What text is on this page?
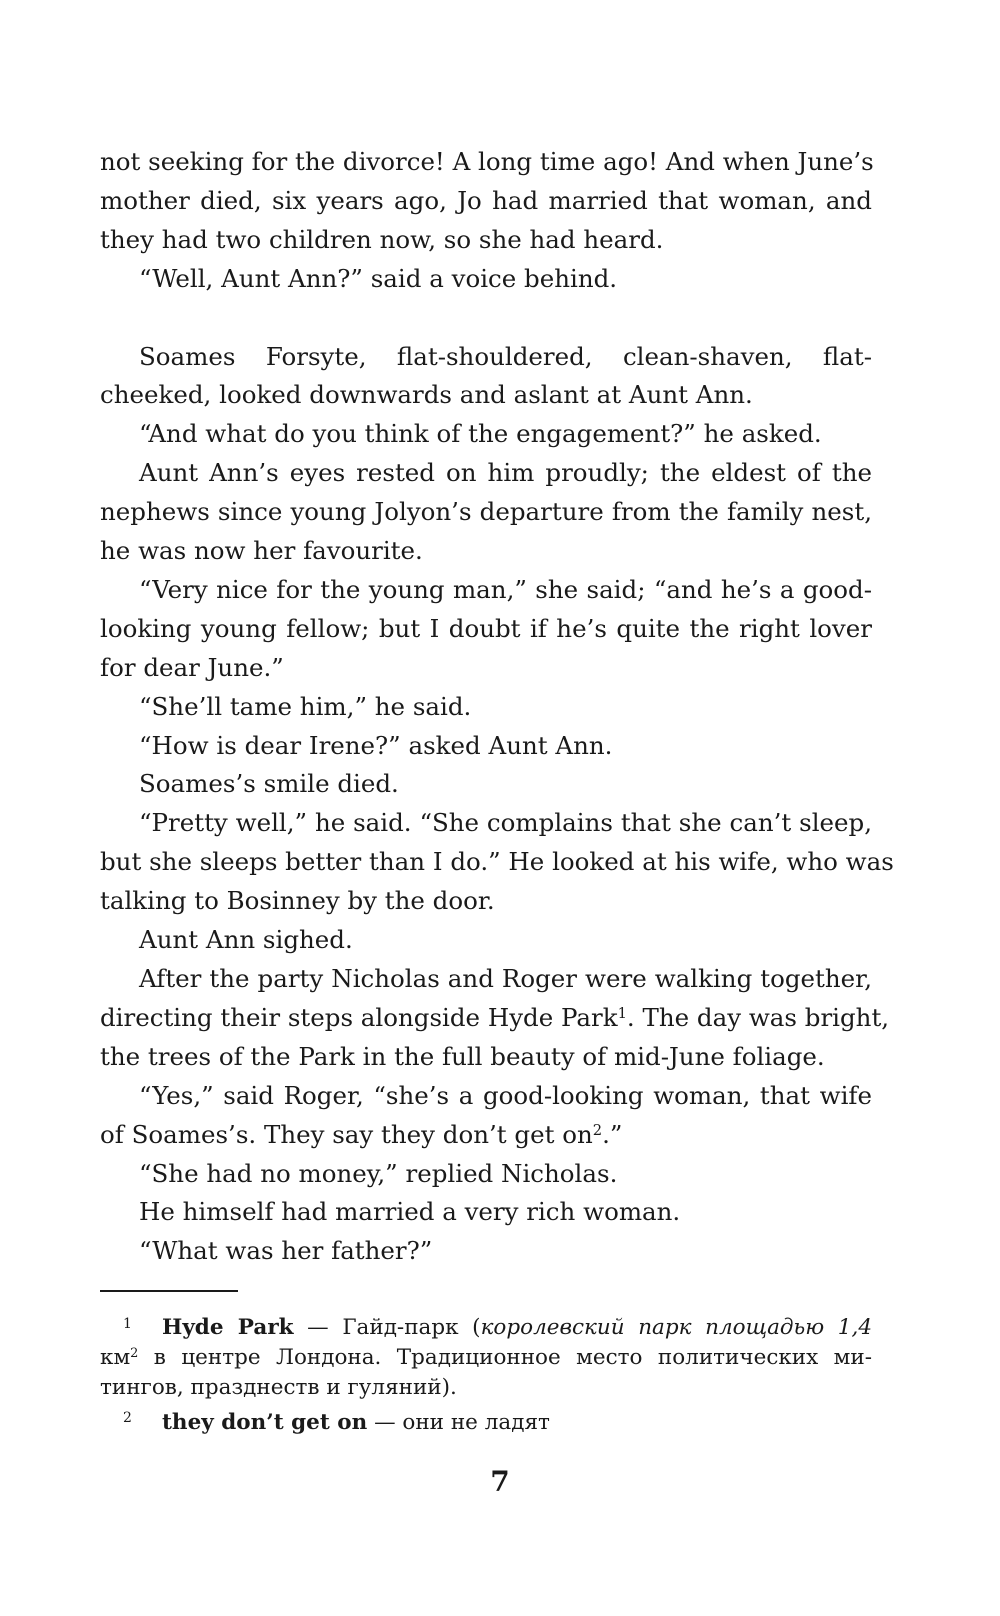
not seeking for the divorce! A long time ago! And when June’s

mother died, six years ago, Jo had married that woman, and

they had two children now, so she had heard.

“Well, Aunt Ann?” said a voice behind.

Soames Forsyte, flat-shouldered, clean-shaven, flat-

cheeked, looked downwards and aslant at Aunt Ann.

“And what do you think of the engagement?” he asked.

Aunt Ann’s eyes rested on him proudly; the eldest of the

nephews since young Jolyon’s departure from the family nest,

he was now her favourite.

“Very nice for the young man,” she said; “and he’s a good-

looking young fellow; but I doubt if he’s quite the right lover

for dear June.”

“She’ll tame him,” he said.

“How is dear Irene?” asked Aunt Ann.

Soames’s smile died.

“Pretty well,” he said. “She complains that she can’t sleep,

but she sleeps better than I do.” He looked at his wife, who was

talking to Bosinney by the door.

Aunt Ann sighed.

After the party Nicholas and Roger were walking together,

directing their steps alongside Hyde Park$^1$. The day was bright,

the trees of the Park in the full beauty of mid-June foliage.

“Yes,” said Roger, “she’s a good-looking woman, that wife

of Soames’s. They say they don’t get $on^2$.”

“She had no money,” replied Nicholas.

He himself had married a very rich woman.

“What was her father?”

1 Hyde Park — Гайд-парк (королевский парк площадью 1,4

$км^2$ в центре Лондона. Традиционное место политических ми-

тингов, празднеств и гуляний).

2 they don’t get on — они не ладят

7
